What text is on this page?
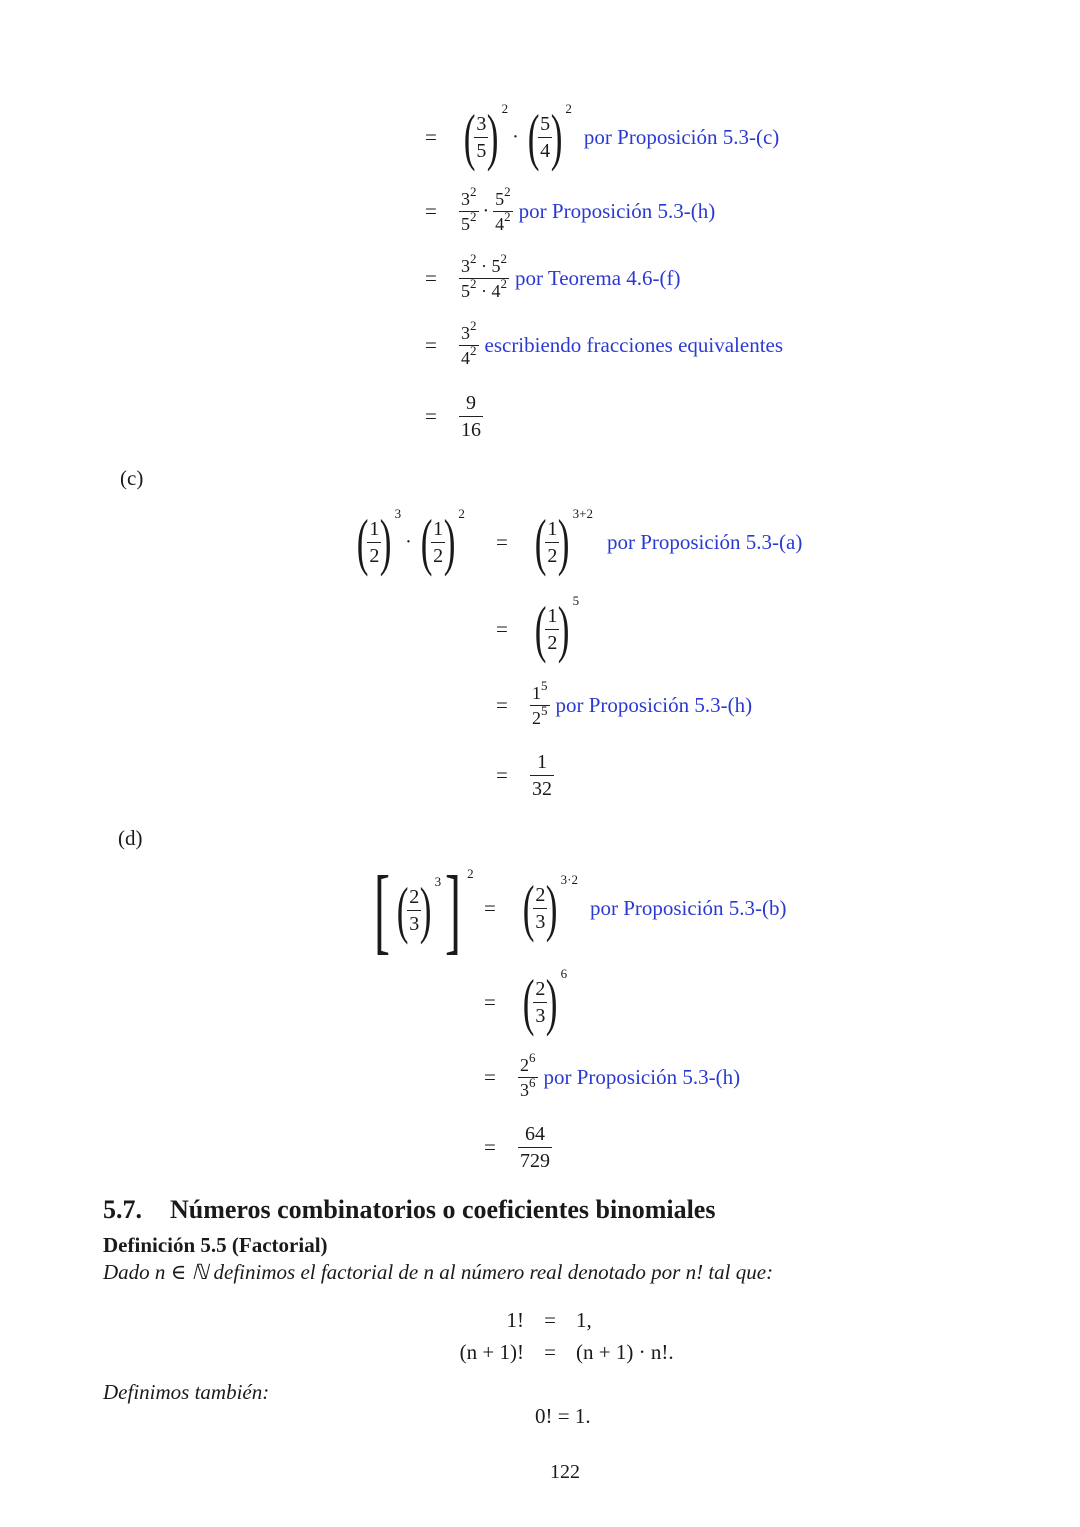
= (
$\frac{3}{5}$
) 2
· (
$\frac{5}{4}$
) 2
por Proposición 5.3-(c)
=	$\frac{3^2}{5^2} \cdot \frac{5^2}{4^2}$ por Proposición 5.3-(h)
=	$\frac{3^2 \cdot 5^2}{5^2 \cdot 4^2}$ por Teorema 4.6-(f)
=	$\frac{3^2}{4^2}$ escribiendo fracciones equivalentes
=	$\frac{9}{16}$
(c)
(
$\frac{1}{2}$
) 3
· (
$\frac{1}{2}$
) 2
= (
$\frac{1}{2}$
) 3+2
por Proposición 5.3-(a)
= (
$\frac{1}{2}$
) 5
=	$\frac{1^5}{2^5}$ por Proposición 5.3-(h)
=	$\frac{1}{32}$
(d)
[ (
$\frac{2}{3}$
) 3 ] 2
= (
$\frac{2}{3}$
) 3·2
por Proposición 5.3-(b)
= (
$\frac{2}{3}$
) 6
=	$\frac{2^6}{3^6}$ por Proposición 5.3-(h)
=	$\frac{64}{729}$
5.7. Números combinatorios o coeficientes binomiales
Definición 5.5 (Factorial)
Dado n ∈ ℕ definimos el factorial de n al número real denotado por n! tal que:
1! = 1,
(n + 1)! = (n + 1) · n!.
Definimos también:
0! = 1.
122
